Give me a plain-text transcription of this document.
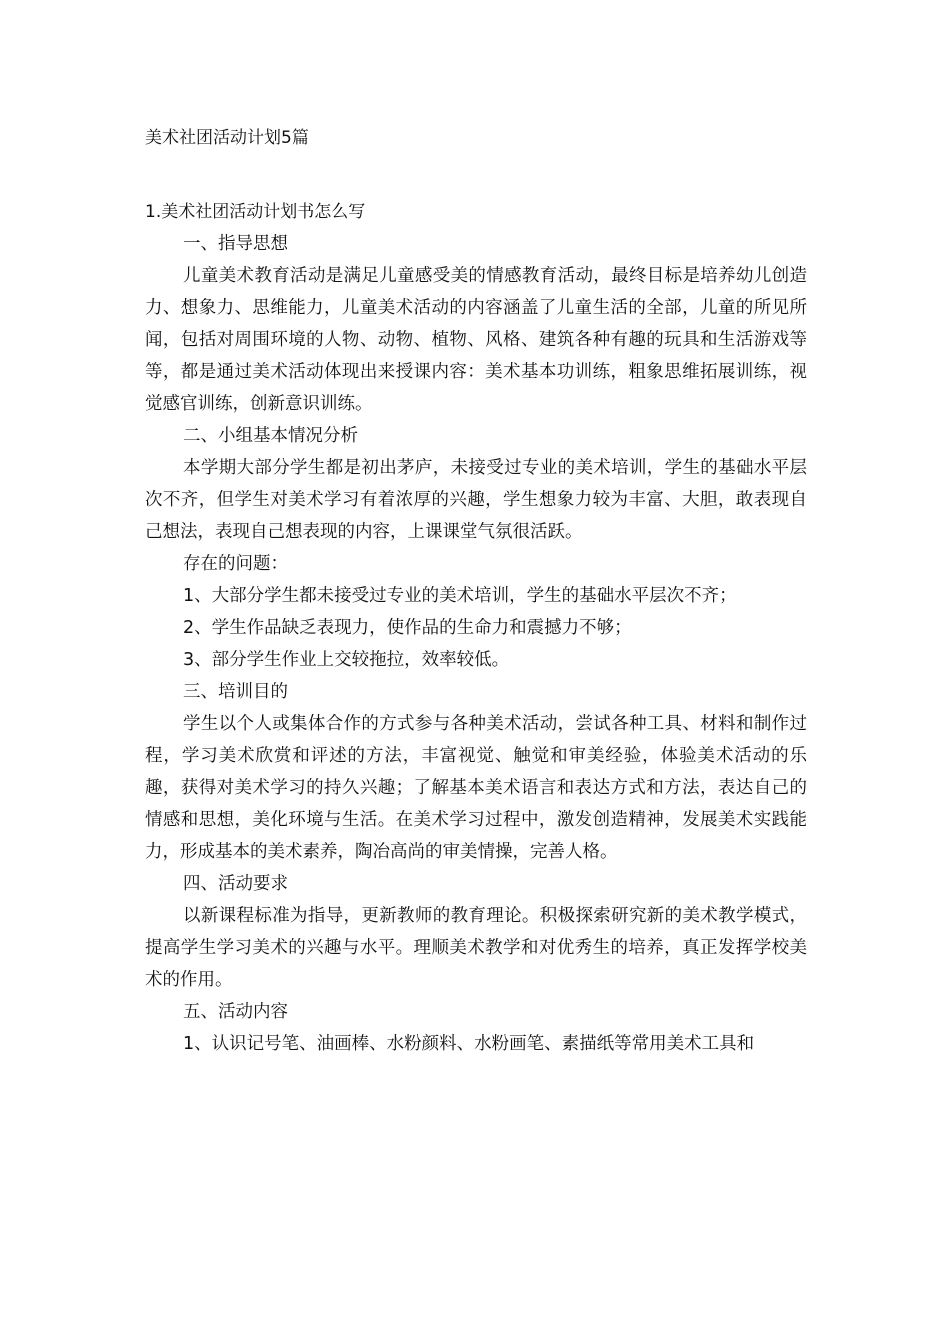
美术社团活动计划5篇
1.美术社团活动计划书怎么写
一、指导思想

儿童美术教育活动是满足儿童感受美的情感教育活动，最终目标是培养幼儿创造力、想象力、思维能力，儿童美术活动的内容涵盖了儿童生活的全部，儿童的所见所闻，包括对周围环境的人物、动物、植物、风格、建筑各种有趣的玩具和生活游戏等等，都是通过美术活动体现出来授课内容：美术基本功训练，粗象思维拓展训练，视觉感官训练，创新意识训练。

二、小组基本情况分析

本学期大部分学生都是初出茅庐，未接受过专业的美术培训，学生的基础水平层次不齐，但学生对美术学习有着浓厚的兴趣，学生想象力较为丰富、大胆，敢表现自己想法，表现自己想表现的内容，上课课堂气氛很活跃。

存在的问题：
1、大部分学生都未接受过专业的美术培训，学生的基础水平层次不齐；
2、学生作品缺乏表现力，使作品的生命力和震撼力不够；
3、部分学生作业上交较拖拉，效率较低。
三、培训目的

学生以个人或集体合作的方式参与各种美术活动，尝试各种工具、材料和制作过程，学习美术欣赏和评述的方法，丰富视觉、触觉和审美经验，体验美术活动的乐趣，获得对美术学习的持久兴趣；了解基本美术语言和表达方式和方法，表达自己的情感和思想，美化环境与生活。在美术学习过程中，激发创造精神，发展美术实践能力，形成基本的美术素养，陶冶高尚的审美情操，完善人格。

四、活动要求

以新课程标准为指导，更新教师的教育理论。积极探索研究新的美术教学模式，提高学生学习美术的兴趣与水平。理顺美术教学和对优秀生的培养，真正发挥学校美术的作用。

五、活动内容
1、认识记号笔、油画棒、水粉颜料、水粉画笔、素描纸等常用美术工具和
